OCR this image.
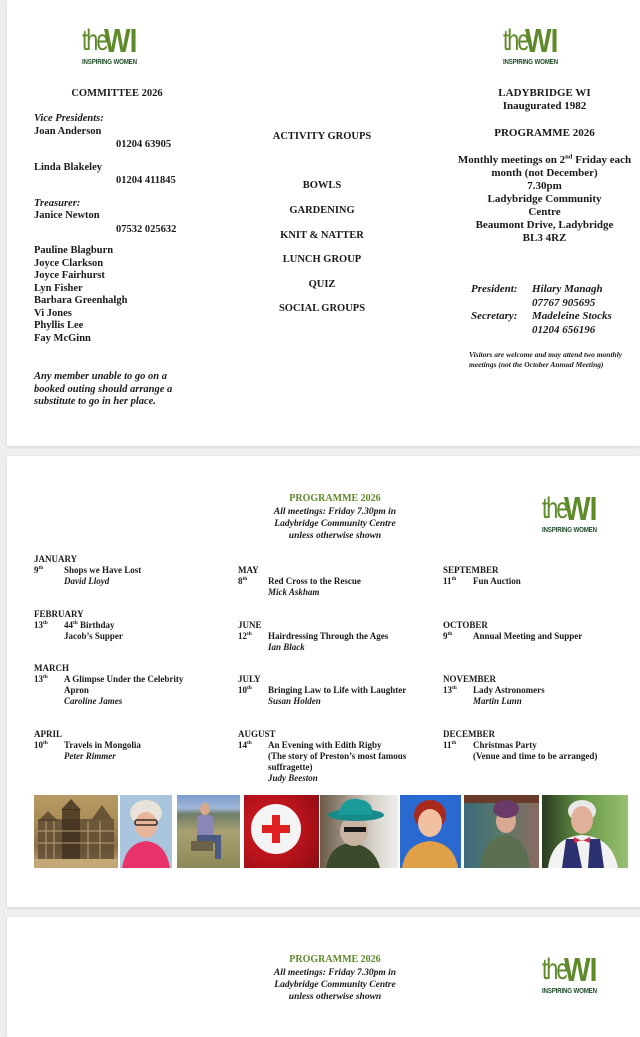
the
WI
INSPIRING WOMEN
COMMITTEE 2026
Vice Presidents:
Joan Anderson
01204 63905
Linda Blakeley
01204 411845
Treasurer:
Janice Newton
07532 025632
Pauline Blagburn
Joyce Clarkson
Joyce Fairhurst
Lyn Fisher
Barbara Greenhalgh
Vi Jones
Phyllis Lee
Fay McGinn
Any member unable to go on a booked outing should arrange a substitute to go in her place.
ACTIVITY GROUPS
BOWLS
GARDENING
KNIT & NATTER
LUNCH GROUP
QUIZ
SOCIAL GROUPS
the
WI
INSPIRING WOMEN
LADYBRIDGE WI
Inaugurated 1982
PROGRAMME 2026
Monthly meetings on 2nd Friday each month (not December)
7.30pm
Ladybridge Community Centre
Beaumont Drive, Ladybridge
BL3 4RZ
President:	Hilary Managh
07767 905695
Secretary:	Madeleine Stocks
01204 656196
Visitors are welcome and may attend two monthly meetings (not the October Annual Meeting)
PROGRAMME 2026
All meetings: Friday 7.30pm in
Ladybridge Community Centre
unless otherwise shown
the
WI
INSPIRING WOMEN
JANUARY
9th	Shops we Have Lost
David Lloyd
FEBRUARY
13th	44th Birthday
Jacob’s Supper
MARCH
13th	A Glimpse Under the Celebrity Apron
Caroline James
APRIL
10th	Travels in Mongolia
Peter Rimmer
MAY
8th	Red Cross to the Rescue
Mick Askham
JUNE
12th	Hairdressing Through the Ages
Ian Black
JULY
10th	Bringing Law to Life with Laughter
Susan Holden
AUGUST
14th	An Evening with Edith Rigby
(The story of Preston’s most famous suffragette)
Judy Beeston
SEPTEMBER
11th	Fun Auction
OCTOBER
9th	Annual Meeting and Supper
NOVEMBER
13th	Lady Astronomers
Martin Lunn
DECEMBER
11th	Christmas Party
(Venue and time to be arranged)
PROGRAMME 2026
All meetings: Friday 7.30pm in
Ladybridge Community Centre
unless otherwise shown
the
WI
INSPIRING WOMEN
